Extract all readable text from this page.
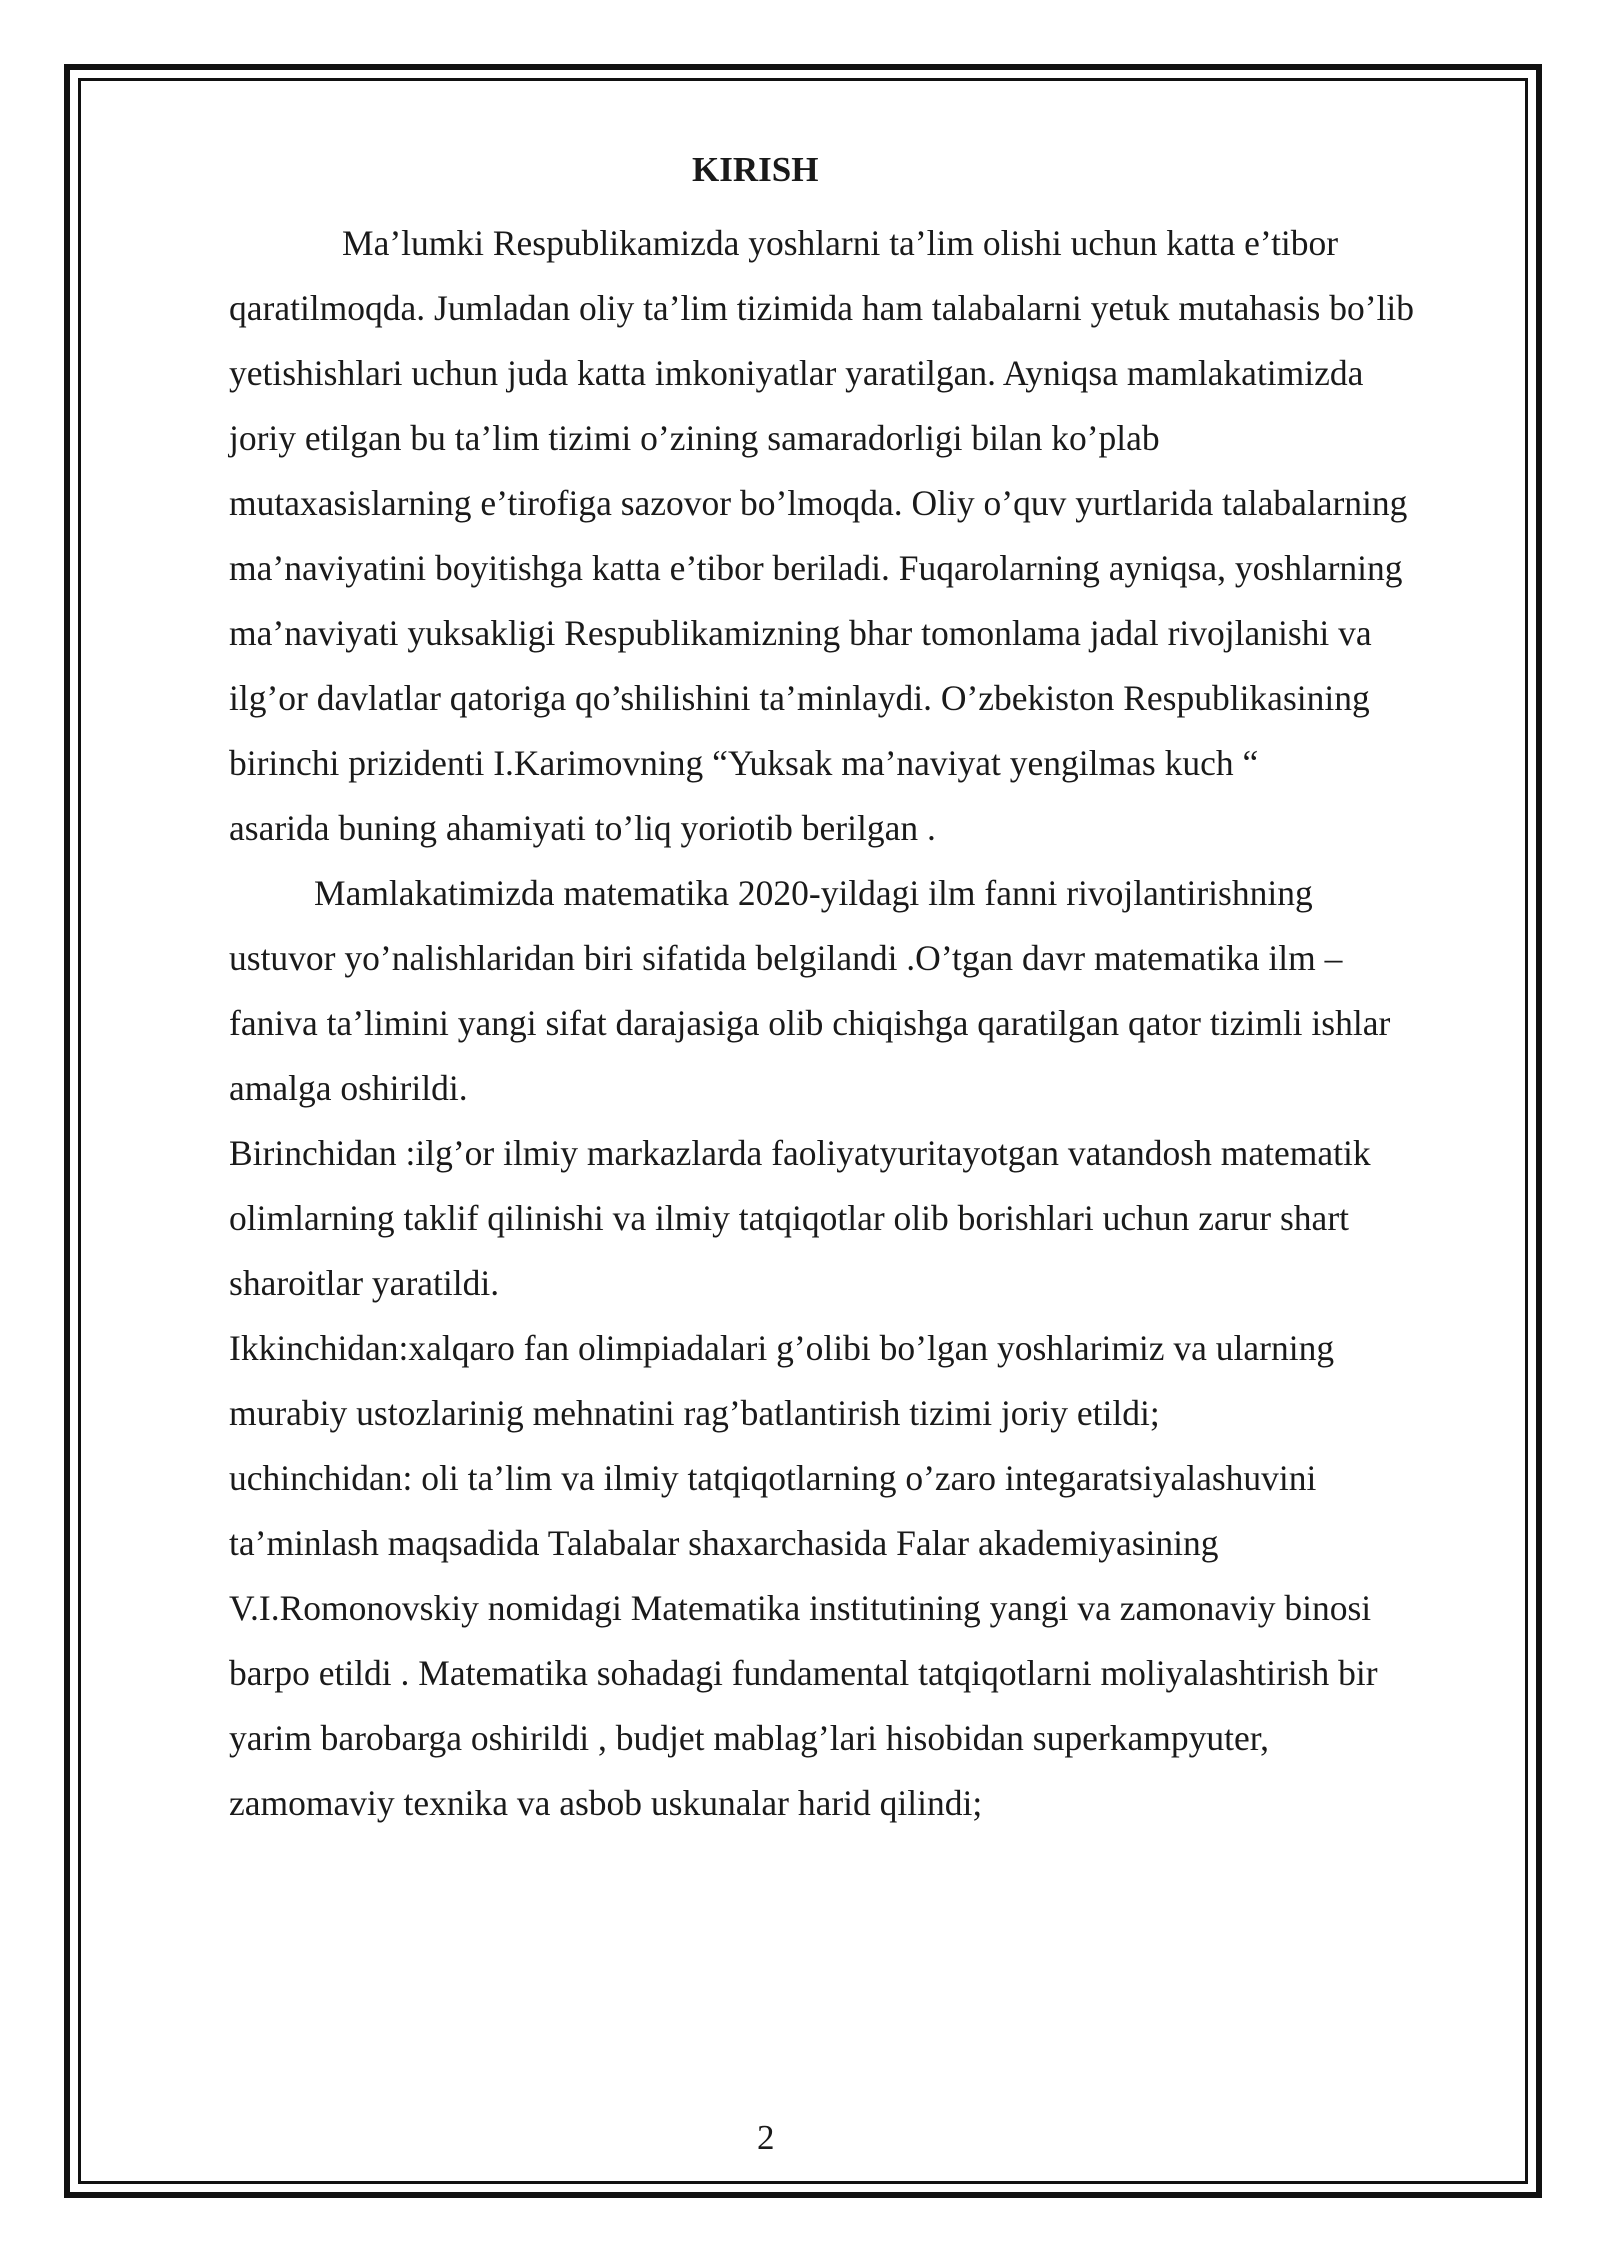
KIRISH
Ma’lumki Respublikamizda yoshlarni ta’lim olishi uchun katta e’tibor
qaratilmoqda. Jumladan oliy ta’lim tizimida ham talabalarni yetuk mutahasis bo’lib
yetishishlari uchun juda katta imkoniyatlar yaratilgan. Ayniqsa mamlakatimizda
joriy etilgan bu ta’lim tizimi o’zining samaradorligi bilan ko’plab
mutaxasislarning e’tirofiga sazovor bo’lmoqda. Oliy o’quv yurtlarida talabalarning
ma’naviyatini boyitishga katta e’tibor beriladi. Fuqarolarning ayniqsa, yoshlarning
ma’naviyati yuksakligi Respublikamizning bhar tomonlama jadal rivojlanishi va
ilg’or davlatlar qatoriga qo’shilishini ta’minlaydi. O’zbekiston Respublikasining
birinchi prizidenti I.Karimovning “Yuksak ma’naviyat yengilmas kuch “
asarida buning ahamiyati to’liq yoriotib berilgan .
Mamlakatimizda matematika 2020-yildagi ilm fanni rivojlantirishning
ustuvor yo’nalishlaridan biri sifatida belgilandi .O’tgan davr matematika ilm –
faniva ta’limini yangi sifat darajasiga olib chiqishga qaratilgan qator tizimli ishlar
amalga oshirildi.
Birinchidan :ilg’or ilmiy markazlarda faoliyatyuritayotgan vatandosh matematik
olimlarning taklif qilinishi va ilmiy tatqiqotlar olib borishlari uchun zarur shart
sharoitlar yaratildi.
Ikkinchidan:xalqaro fan olimpiadalari g’olibi bo’lgan yoshlarimiz va ularning
murabiy ustozlarinig mehnatini rag’batlantirish tizimi joriy etildi;
uchinchidan: oli ta’lim va ilmiy tatqiqotlarning o’zaro integaratsiyalashuvini
ta’minlash maqsadida Talabalar shaxarchasida Falar akademiyasining
V.I.Romonovskiy nomidagi Matematika institutining yangi va zamonaviy binosi
barpo etildi . Matematika sohadagi fundamental tatqiqotlarni moliyalashtirish bir
yarim barobarga oshirildi , budjet mablag’lari hisobidan superkampyuter,
zamomaviy texnika va asbob uskunalar harid qilindi;
2
